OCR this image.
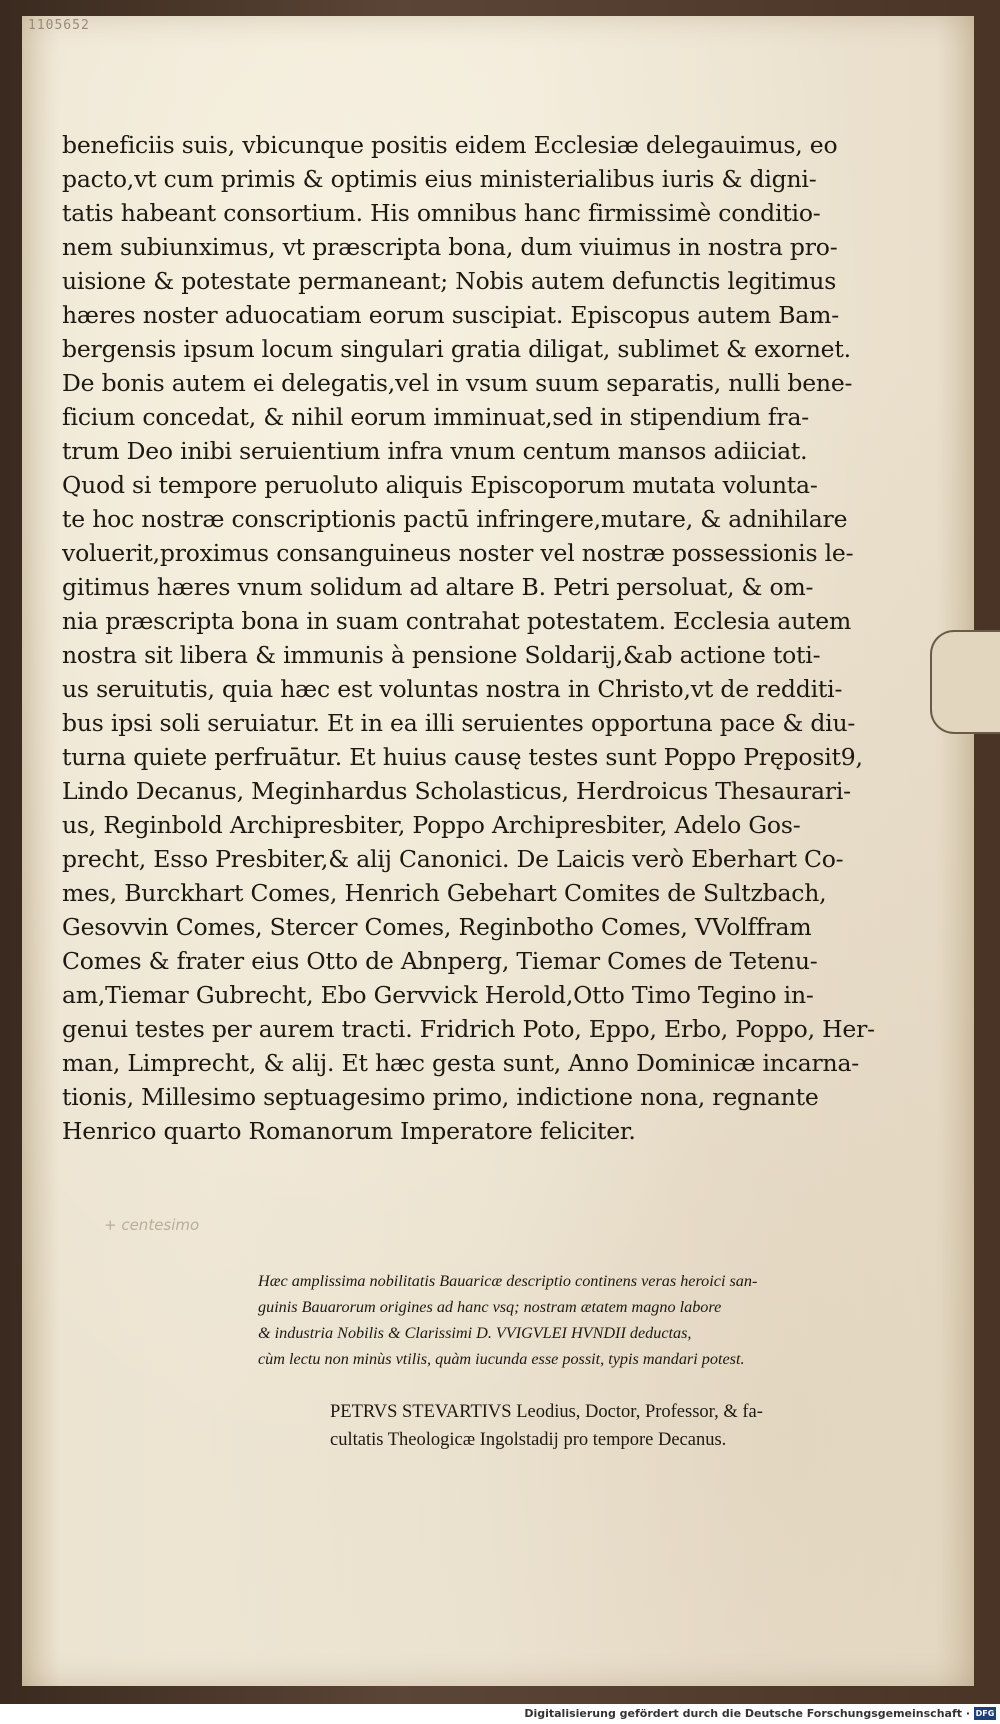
1105652
beneficiis suis, vbicunque positis eidem Ecclesiæ delegauimus, eo
pacto,vt cum primis & optimis eius ministerialibus iuris & digni-
tatis habeant consortium. His omnibus hanc firmissimè conditio-
nem subiunximus, vt præscripta bona, dum viuimus in nostra pro-
uisione & potestate permaneant; Nobis autem defunctis legitimus
hæres noster aduocatiam eorum suscipiat. Episcopus autem Bam-
bergensis ipsum locum singulari gratia diligat, sublimet & exornet.
De bonis autem ei delegatis,vel in vsum suum separatis, nulli bene-
ficium concedat, & nihil eorum imminuat,sed in stipendium fra-
trum Deo inibi seruientium infra vnum centum mansos adiiciat.
Quod si tempore peruoluto aliquis Episcoporum mutata volunta-
te hoc nostræ conscriptionis pactū infringere,mutare, & adnihilare
voluerit,proximus consanguineus noster vel nostræ possessionis le-
gitimus hæres vnum solidum ad altare B. Petri persoluat, & om-
nia præscripta bona in suam contrahat potestatem. Ecclesia autem
nostra sit libera & immunis à pensione Soldarij,&ab actione toti-
us seruitutis, quia hæc est voluntas nostra in Christo,vt de redditi-
bus ipsi soli seruiatur. Et in ea illi seruientes opportuna pace & diu-
turna quiete perfruātur. Et huius causę testes sunt Poppo Pręposit9,
Lindo Decanus, Meginhardus Scholasticus, Herdroicus Thesaurari-
us, Reginbold Archipresbiter, Poppo Archipresbiter, Adelo Gos-
precht, Esso Presbiter,& alij Canonici. De Laicis verò Eberhart Co-
mes, Burckhart Comes, Henrich Gebehart Comites de Sultzbach,
Gesovvin Comes, Stercer Comes, Reginbotho Comes, VVolffram
Comes & frater eius Otto de Abnperg, Tiemar Comes de Tetenu-
am,Tiemar Gubrecht, Ebo Gervvick Herold,Otto Timo Tegino in-
genui testes per aurem tracti. Fridrich Poto, Eppo, Erbo, Poppo, Her-
man, Limprecht, & alij. Et hæc gesta sunt, Anno Dominicæ incarna-
tionis, Millesimo septuagesimo primo, indictione nona, regnante
Henrico quarto Romanorum Imperatore feliciter.
+ centesimo
Hæc amplissima nobilitatis Bauaricæ descriptio continens veras heroici san-
guinis Bauarorum origines ad hanc vsq; nostram ætatem magno labore
& industria Nobilis & Clarissimi D. VVIGVLEI HVNDII deductas,
cùm lectu non minùs vtilis, quàm iucunda esse possit, typis mandari potest.
PETRVS STEVARTIVS Leodius, Doctor, Professor, & fa-
cultatis Theologicæ Ingolstadij pro tempore Decanus.
Digitalisierung gefördert durch die Deutsche Forschungsgemeinschaft · DFG
